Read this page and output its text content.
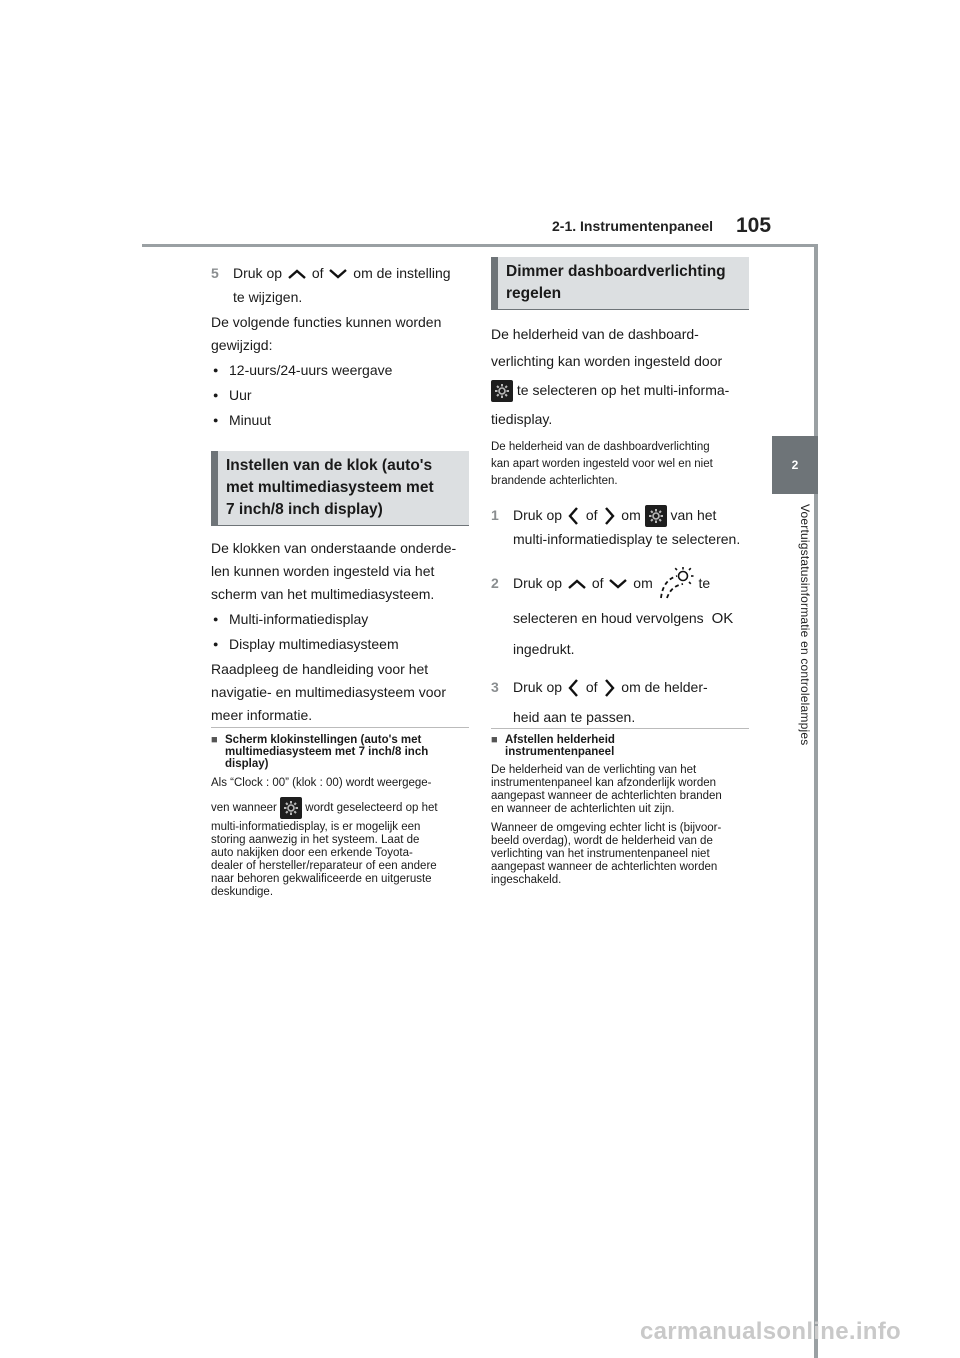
2-1. Instrumentenpaneel 105
2
Voertuigstatusinformatie en controlelampjes

5 Druk op of om de instelling

te wijzigen.

De volgende functies kunnen worden

gewijzigd:

● 12-uurs/24-uurs weergave

● Uur

● Minuut

Instellen van de klok (auto's
met multimediasysteem met
7 inch/8 inch display)

De klokken van onderstaande onderde-

len kunnen worden ingesteld via het

scherm van het multimediasysteem.

● Multi-informatiedisplay

● Display multimediasysteem

Raadpleeg de handleiding voor het

navigatie- en multimediasysteem voor

meer informatie.

■ Scherm klokinstellingen (auto's met

multimediasysteem met 7 inch/8 inch

display)

Als “Clock : 00” (klok : 00) wordt weergege-

ven wanneer wordt geselecteerd op het

multi-informatiedisplay, is er mogelijk een

storing aanwezig in het systeem. Laat de

auto nakijken door een erkende Toyota-

dealer of hersteller/reparateur of een andere

naar behoren gekwalificeerde en uitgeruste

deskundige.

Dimmer dashboardverlichting
regelen

De helderheid van de dashboard-

verlichting kan worden ingesteld door

te selecteren op het multi-informa-

tiedisplay.

De helderheid van de dashboardverlichting

kan apart worden ingesteld voor wel en niet

brandende achterlichten.

1 Druk op of om van het

multi-informatiedisplay te selecteren.

2 Druk op of om	te

selecteren en houd vervolgens OK

ingedrukt.

3 Druk op of om de helder-

heid aan te passen.

■ Afstellen helderheid

instrumentenpaneel

De helderheid van de verlichting van het

instrumentenpaneel kan afzonderlijk worden

aangepast wanneer de achterlichten branden

en wanneer de achterlichten uit zijn.

Wanneer de omgeving echter licht is (bijvoor-

beeld overdag), wordt de helderheid van de

verlichting van het instrumentenpaneel niet

aangepast wanneer de achterlichten worden

ingeschakeld.

carmanualsonline.info
